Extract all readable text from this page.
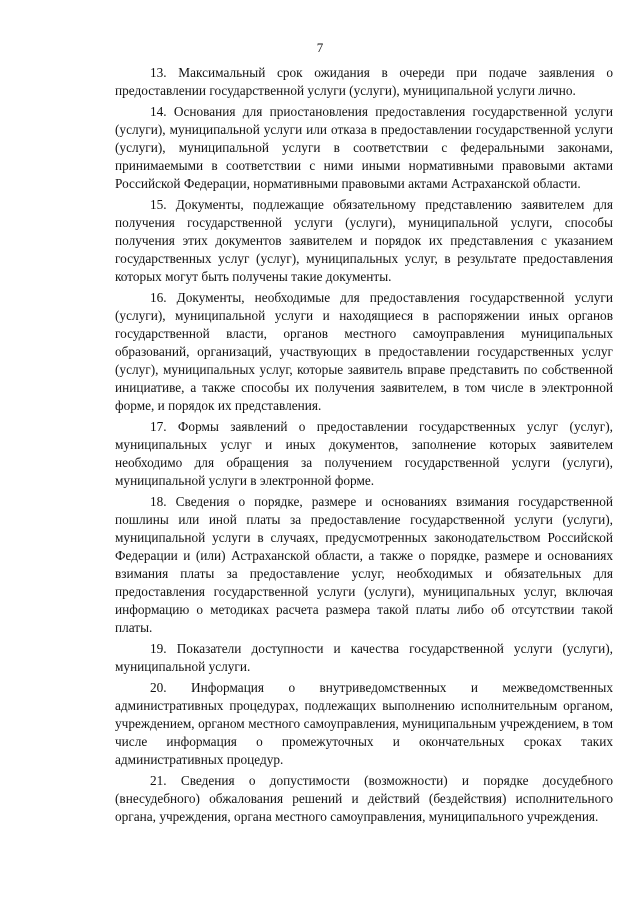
7

13. Максимальный срок ожидания в очереди при подаче заявления о предоставлении государственной услуги (услуги), муниципальной услуги лично.

14. Основания для приостановления предоставления государственной услуги (услуги), муниципальной услуги или отказа в предоставлении государственной услуги (услуги), муниципальной услуги в соответствии с федеральными законами, принимаемыми в соответствии с ними иными нормативными правовыми актами Российской Федерации, нормативными правовыми актами Астраханской области.

15. Документы, подлежащие обязательному представлению заявителем для получения государственной услуги (услуги), муниципальной услуги, способы получения этих документов заявителем и порядок их представления с указанием государственных услуг (услуг), муниципальных услуг, в результате предоставления которых могут быть получены такие документы.

16. Документы, необходимые для предоставления государственной услуги (услуги), муниципальной услуги и находящиеся в распоряжении иных органов государственной власти, органов местного самоуправления муниципальных образований, организаций, участвующих в предоставлении государственных услуг (услуг), муниципальных услуг, которые заявитель вправе представить по собственной инициативе, а также способы их получения заявителем, в том числе в электронной форме, и порядок их представления.

17. Формы заявлений о предоставлении государственных услуг (услуг), муниципальных услуг и иных документов, заполнение которых заявителем необходимо для обращения за получением государственной услуги (услуги), муниципальной услуги в электронной форме.

18. Сведения о порядке, размере и основаниях взимания государственной пошлины или иной платы за предоставление государственной услуги (услуги), муниципальной услуги в случаях, предусмотренных законодательством Российской Федерации и (или) Астраханской области, а также о порядке, размере и основаниях взимания платы за предоставление услуг, необходимых и обязательных для предоставления государственной услуги (услуги), муниципальных услуг, включая информацию о методиках расчета размера такой платы либо об отсутствии такой платы.

19. Показатели доступности и качества государственной услуги (услуги), муниципальной услуги.

20. Информация о внутриведомственных и межведомственных административных процедурах, подлежащих выполнению исполнительным органом, учреждением, органом местного самоуправления, муниципальным учреждением, в том числе информация о промежуточных и окончательных сроках таких административных процедур.

21. Сведения о допустимости (возможности) и порядке досудебного (внесудебного) обжалования решений и действий (бездействия) исполнительного органа, учреждения, органа местного самоуправления, муниципального учреждения.
